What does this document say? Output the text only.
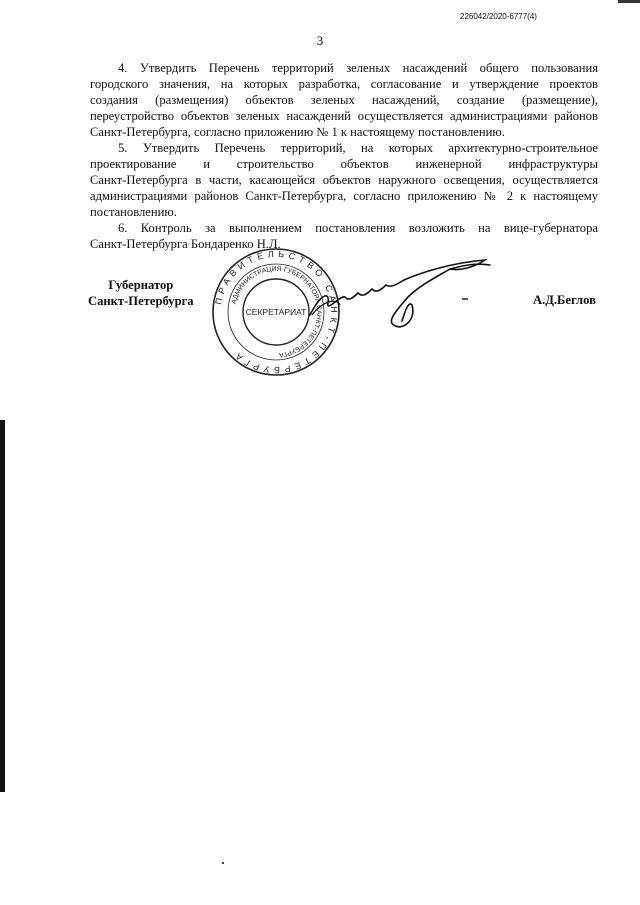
226042/2020-6777(4)
3
4. Утвердить Перечень территорий зеленых насаждений общего пользования
городского значения, на которых разработка, согласование и утверждение проектов
создания (размещения) объектов зеленых насаждений, создание (размещение),
переустройство объектов зеленых насаждений осуществляется администрациями районов
Санкт-Петербурга, согласно приложению № 1 к настоящему постановлению.
5. Утвердить Перечень территорий, на которых архитектурно-строительное
проектирование и строительство объектов инженерной инфраструктуры
Санкт-Петербурга в части, касающейся объектов наружного освещения, осуществляется
администрациями районов Санкт-Петербурга, согласно приложению № 2 к настоящему
постановлению.
6. Контроль за выполнением постановления возложить на вице-губернатора
Санкт-Петербурга Бондаренко Н.Л.
Губернатор
Санкт-Петербурга ПРАВИТЕЛЬСТВО САНКТ-ПЕТЕРБУРГА
АДМИНИСТРАЦИЯ ГУБЕРНАТОРА САНКТ-ПЕТЕРБУРГА
СЕКРЕТАРИАТ
А.Д.Беглов
